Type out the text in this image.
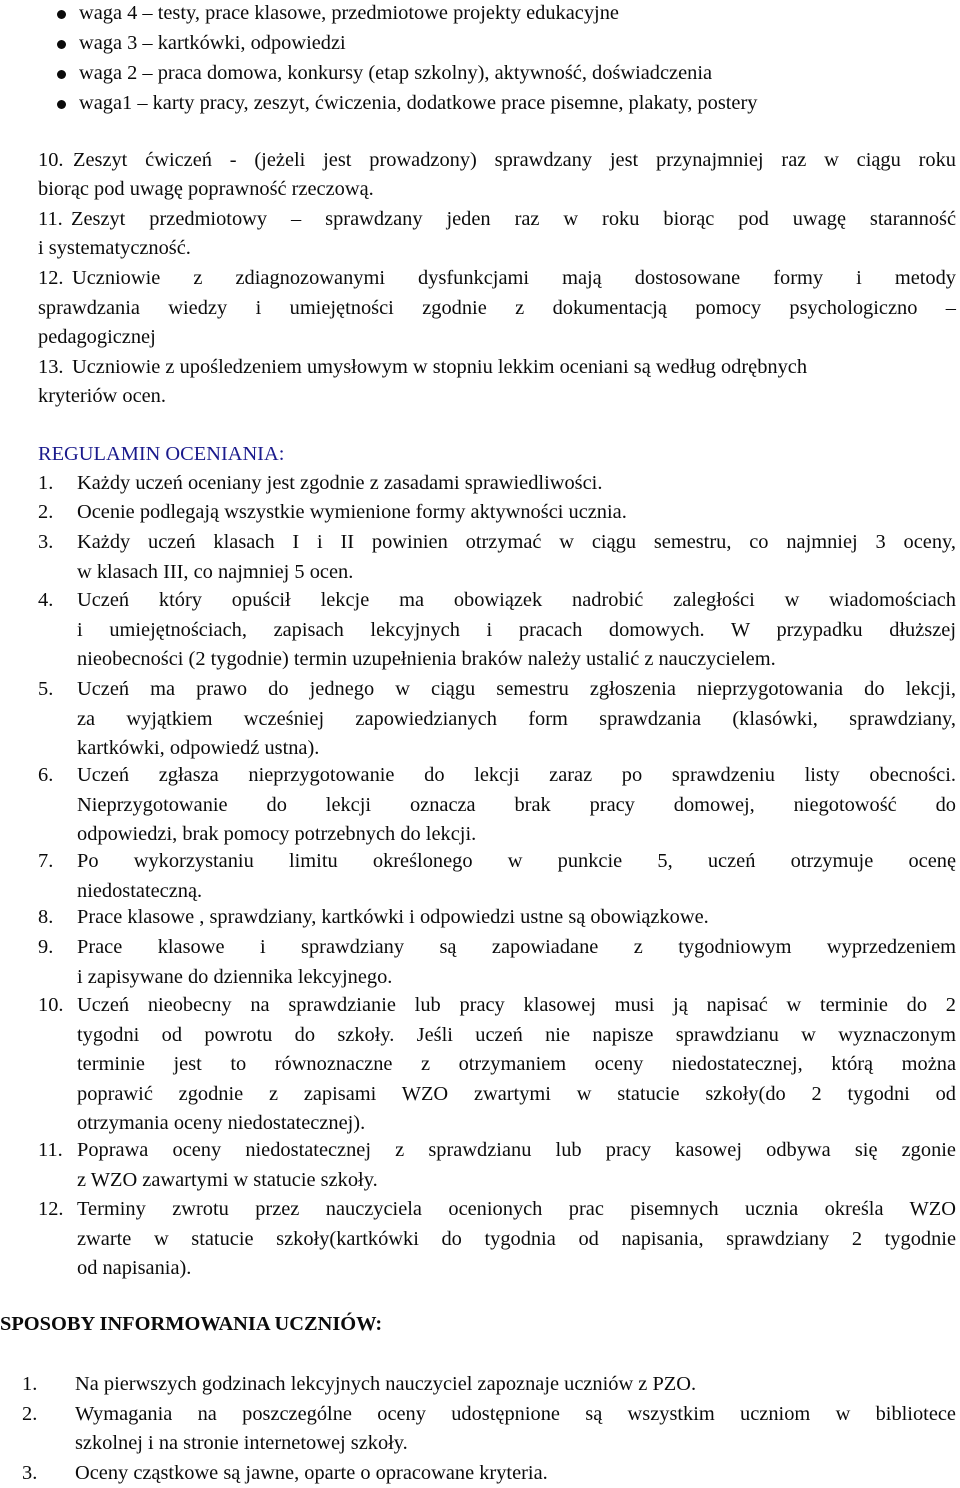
waga 4 – testy, prace klasowe, przedmiotowe projekty edukacyjne
waga 3 – kartkówki, odpowiedzi
waga 2 – praca domowa, konkursy (etap szkolny), aktywność, doświadczenia
waga1 – karty pracy, zeszyt, ćwiczenia, dodatkowe prace pisemne, plakaty, postery
10. Zeszyt ćwiczeń - (jeżeli jest prowadzony) sprawdzany jest przynajmniej raz w ciągu roku
biorąc pod uwagę poprawność rzeczową.
11. Zeszyt przedmiotowy – sprawdzany jeden raz w roku biorąc pod uwagę staranność
i systematyczność.
12. Uczniowie z zdiagnozowanymi dysfunkcjami mają dostosowane formy i metody
sprawdzania wiedzy i umiejętności zgodnie z dokumentacją pomocy psychologiczno –
pedagogicznej
13. Uczniowie z upośledzeniem umysłowym w stopniu lekkim oceniani są według odrębnych
kryteriów ocen.
REGULAMIN OCENIANIA:
1. Każdy uczeń oceniany jest zgodnie z zasadami sprawiedliwości.
2. Ocenie podlegają wszystkie wymienione formy aktywności ucznia.
3. Każdy uczeń klasach I i II powinien otrzymać w ciągu semestru, co najmniej 3 oceny,
w klasach III, co najmniej 5 ocen.
4. Uczeń który opuścił lekcje ma obowiązek nadrobić zaległości w wiadomościach
i umiejętnościach, zapisach lekcyjnych i pracach domowych. W przypadku dłuższej
nieobecności (2 tygodnie) termin uzupełnienia braków należy ustalić z nauczycielem.
5. Uczeń ma prawo do jednego w ciągu semestru zgłoszenia nieprzygotowania do lekcji,
za wyjątkiem wcześniej zapowiedzianych form sprawdzania (klasówki, sprawdziany,
kartkówki, odpowiedź ustna).
6. Uczeń zgłasza nieprzygotowanie do lekcji zaraz po sprawdzeniu listy obecności.
Nieprzygotowanie do lekcji oznacza brak pracy domowej, niegotowość do
odpowiedzi, brak pomocy potrzebnych do lekcji.
7. Po wykorzystaniu limitu określonego w punkcie 5, uczeń otrzymuje ocenę
niedostateczną.
8. Prace klasowe , sprawdziany, kartkówki i odpowiedzi ustne są obowiązkowe.
9. Prace klasowe i sprawdziany są zapowiadane z tygodniowym wyprzedzeniem
i zapisywane do dziennika lekcyjnego.
10. Uczeń nieobecny na sprawdzianie lub pracy klasowej musi ją napisać w terminie do 2
tygodni od powrotu do szkoły. Jeśli uczeń nie napisze sprawdzianu w wyznaczonym
terminie jest to równoznaczne z otrzymaniem oceny niedostatecznej, którą można
poprawić zgodnie z zapisami WZO zwartymi w statucie szkoły(do 2 tygodni od
otrzymania oceny niedostatecznej).
11. Poprawa oceny niedostatecznej z sprawdzianu lub pracy kasowej odbywa się zgonie
z WZO zawartymi w statucie szkoły.
12. Terminy zwrotu przez nauczyciela ocenionych prac pisemnych ucznia określa WZO
zwarte w statucie szkoły(kartkówki do tygodnia od napisania, sprawdziany 2 tygodnie
od napisania).
SPOSOBY INFORMOWANIA UCZNIÓW:
1. Na pierwszych godzinach lekcyjnych nauczyciel zapoznaje uczniów z PZO.
2. Wymagania na poszczególne oceny udostępnione są wszystkim uczniom w bibliotece
szkolnej i na stronie internetowej szkoły.
3. Oceny cząstkowe są jawne, oparte o opracowane kryteria.
